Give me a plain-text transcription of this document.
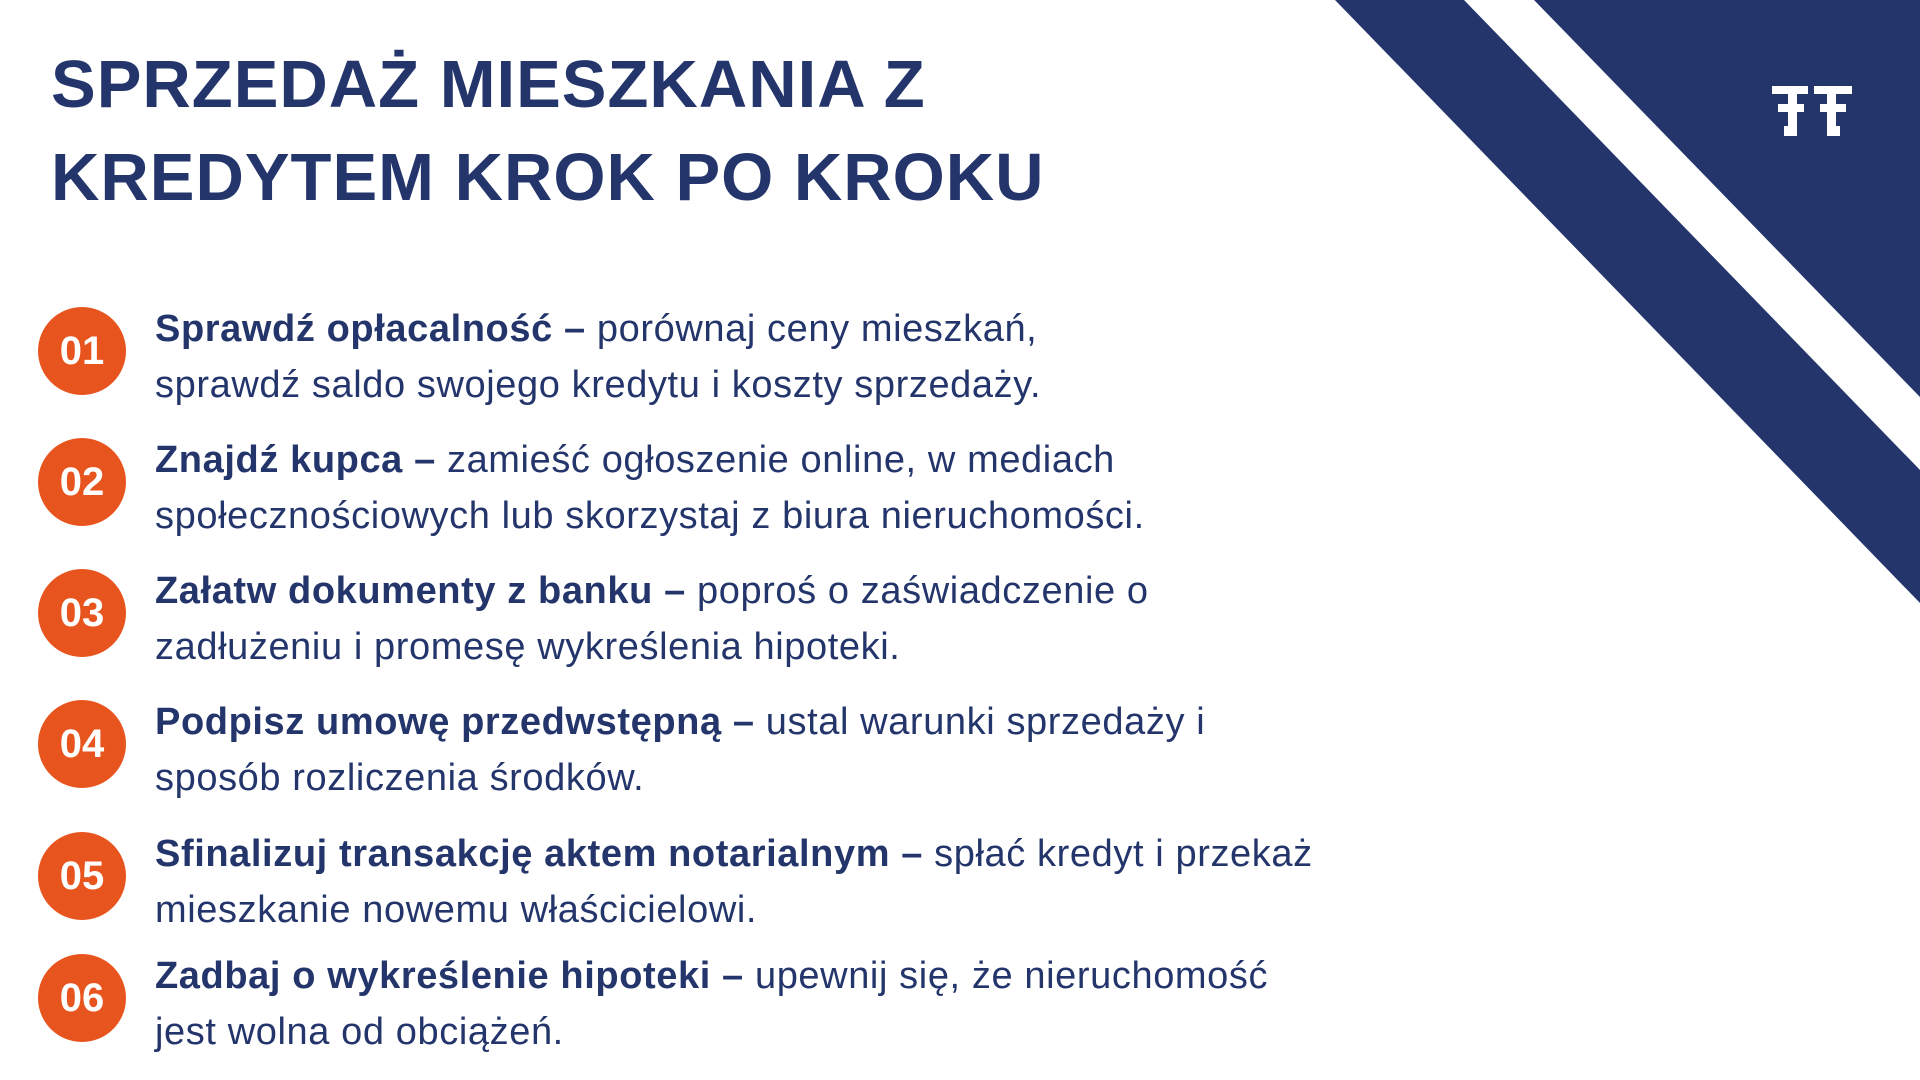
SPRZEDAŻ MIESZKANIA Z
KREDYTEM KROK PO KROKU
01	Sprawdź opłacalność – porównaj ceny mieszkań,
sprawdź saldo swojego kredytu i koszty sprzedaży.
02	Znajdź kupca – zamieść ogłoszenie online, w mediach
społecznościowych lub skorzystaj z biura nieruchomości.
03	Załatw dokumenty z banku – poproś o zaświadczenie o
zadłużeniu i promesę wykreślenia hipoteki.
04	Podpisz umowę przedwstępną – ustal warunki sprzedaży i
sposób rozliczenia środków.
05	Sfinalizuj transakcję aktem notarialnym – spłać kredyt i przekaż
mieszkanie nowemu właścicielowi.
06	Zadbaj o wykreślenie hipoteki – upewnij się, że nieruchomość
jest wolna od obciążeń.
